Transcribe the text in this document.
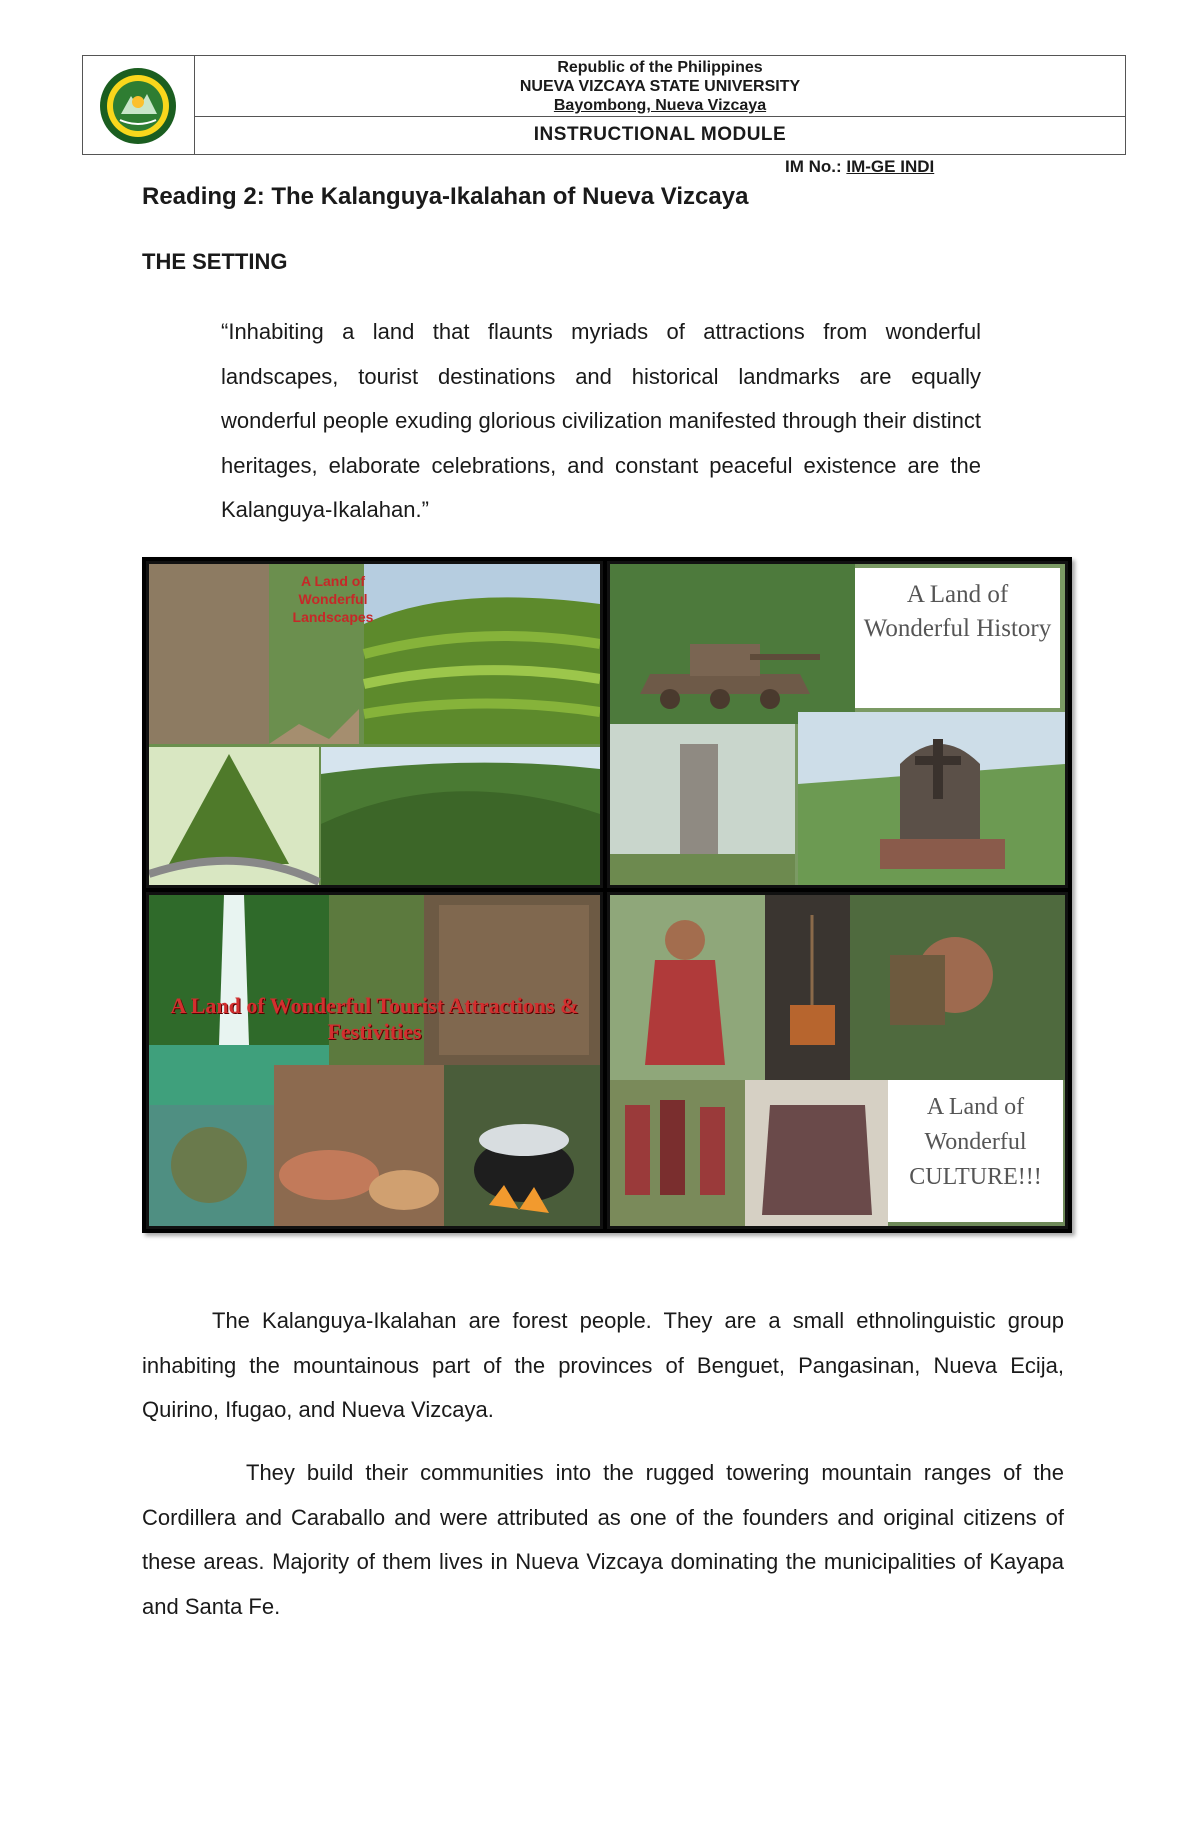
Republic of the Philippines
NUEVA VIZCAYA STATE UNIVERSITY
Bayombong, Nueva Vizcaya
INSTRUCTIONAL MODULE
IM No.: IM-GE INDI
Reading 2: The Kalanguya-Ikalahan of Nueva Vizcaya
THE SETTING
“Inhabiting a land that flaunts myriads of attractions from wonderful landscapes, tourist destinations and historical landmarks are equally wonderful people exuding glorious civilization manifested through their distinct heritages, elaborate celebrations, and constant peaceful existence are the Kalanguya-Ikalahan.”
A Land of Wonderful Landscapes
A Land of Wonderful History
A Land of Wonderful Tourist Attractions & Festivities
A Land of Wonderful CULTURE!!!
The Kalanguya-Ikalahan are forest people. They are a small ethnolinguistic group inhabiting the mountainous part of the provinces of Benguet, Pangasinan, Nueva Ecija, Quirino, Ifugao, and Nueva Vizcaya.
They build their communities into the rugged towering mountain ranges of the Cordillera and Caraballo and were attributed as one of the founders and original citizens of these areas. Majority of them lives in Nueva Vizcaya dominating the municipalities of Kayapa and Santa Fe.
